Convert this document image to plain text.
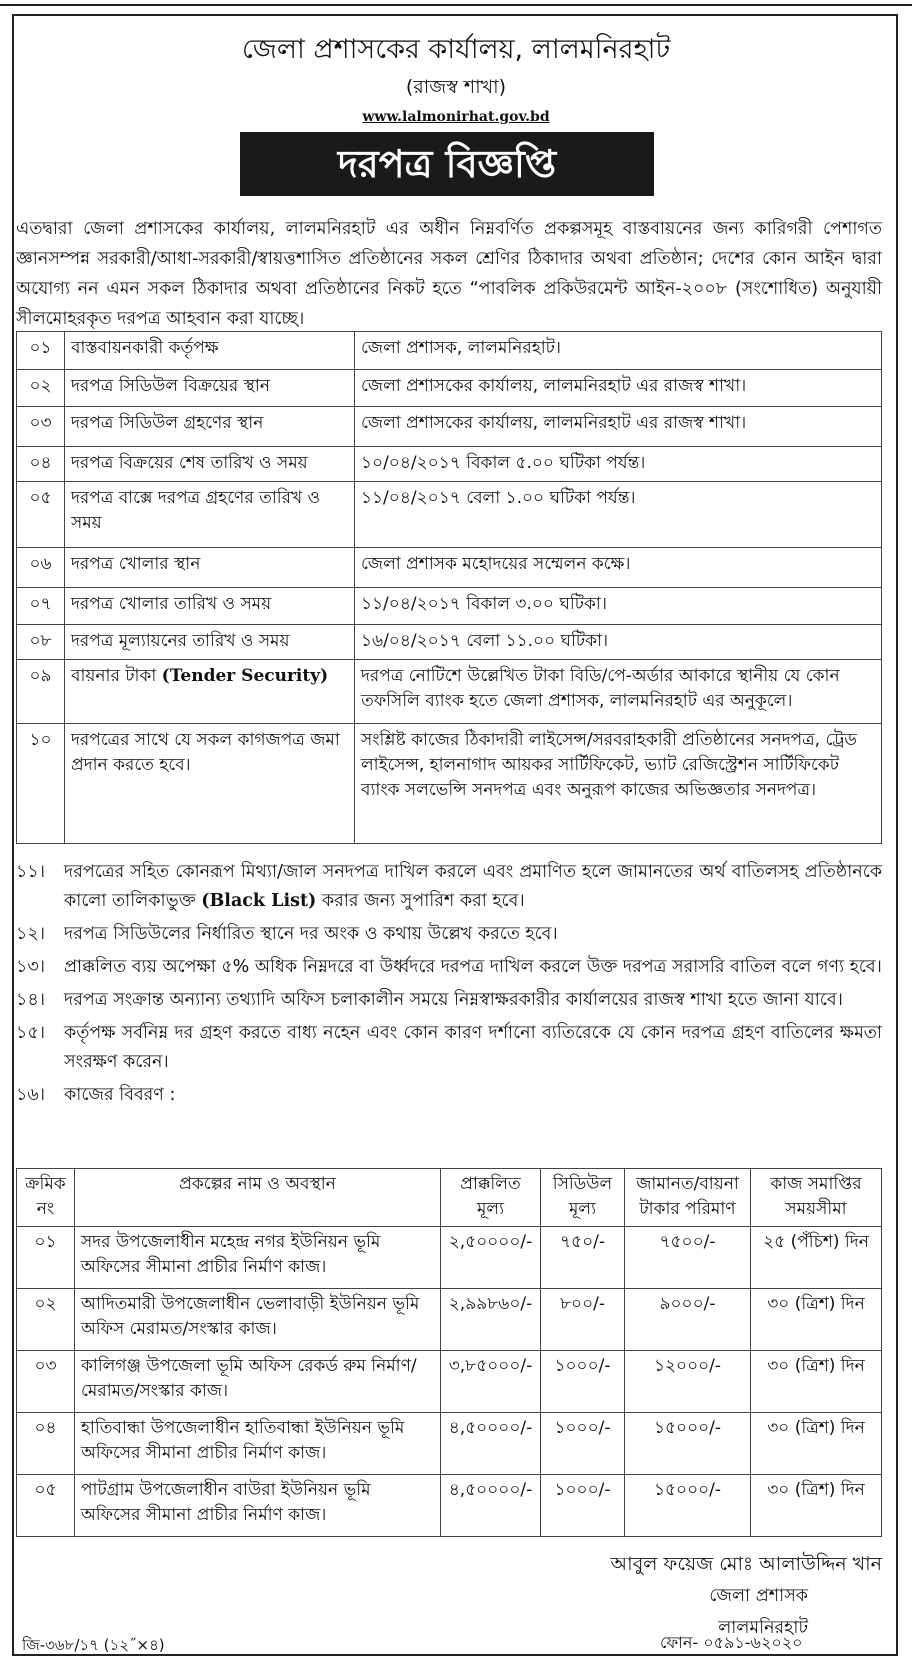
জেলা প্রশাসকের কার্যালয়, লালমনিরহাট
(রাজস্ব শাখা)
www.lalmonirhat.gov.bd
দরপত্র বিজ্ঞপ্তি
এতদ্বারা জেলা প্রশাসকের কার্যালয়, লালমনিরহাট এর অধীন নিম্নবর্ণিত প্রকল্পসমূহ বাস্তবায়নের জন্য কারিগরী পেশাগত জ্ঞানসম্পন্ন সরকারী/আধা-সরকারী/স্বায়ত্তশাসিত প্রতিষ্ঠানের সকল শ্রেণির ঠিকাদার অথবা প্রতিষ্ঠান; দেশের কোন আইন দ্বারা অযোগ্য নন এমন সকল ঠিকাদার অথবা প্রতিষ্ঠানের নিকট হতে “পাবলিক প্রকিউরমেন্ট আইন-২০০৮ (সংশোধিত) অনুযায়ী সীলমোহরকৃত দরপত্র আহবান করা যাচ্ছে।
০১	বাস্তবায়নকারী কর্তৃপক্ষ	জেলা প্রশাসক, লালমনিরহাট।
০২	দরপত্র সিডিউল বিক্রয়ের স্থান	জেলা প্রশাসকের কার্যালয়, লালমনিরহাট এর রাজস্ব শাখা।
০৩	দরপত্র সিডিউল গ্রহণের স্থান	জেলা প্রশাসকের কার্যালয়, লালমনিরহাট এর রাজস্ব শাখা।
০৪	দরপত্র বিক্রয়ের শেষ তারিখ ও সময়	১০/০৪/২০১৭ বিকাল ৫.০০ ঘটিকা পর্যন্ত।
০৫	দরপত্র বাক্সে দরপত্র গ্রহণের তারিখ ও সময়	১১/০৪/২০১৭ বেলা ১.০০ ঘটিকা পর্যন্ত।
০৬	দরপত্র খোলার স্থান	জেলা প্রশাসক মহোদয়ের সম্মেলন কক্ষে।
০৭	দরপত্র খোলার তারিখ ও সময়	১১/০৪/২০১৭ বিকাল ৩.০০ ঘটিকা।
০৮	দরপত্র মূল্যায়নের তারিখ ও সময়	১৬/০৪/২০১৭ বেলা ১১.০০ ঘটিকা।
০৯	বায়নার টাকা (Tender Security)	দরপত্র নোটিশে উল্লেখিত টাকা বিডি/পে-অর্ডার আকারে স্থানীয় যে কোন তফসিলি ব্যাংক হতে জেলা প্রশাসক, লালমনিরহাট এর অনুকূলে।
১০	দরপত্রের সাথে যে সকল কাগজপত্র জমা প্রদান করতে হবে।	সংশ্লিষ্ট কাজের ঠিকাদারী লাইসেন্স/সরবরাহকারী প্রতিষ্ঠানের সনদপত্র, ট্রেড লাইসেন্স, হালনাগাদ আয়কর সার্টিফিকেট, ভ্যাট রেজিস্ট্রেশন সার্টিফিকেট ব্যাংক সলভেন্সি সনদপত্র এবং অনুরূপ কাজের অভিজ্ঞতার সনদপত্র।
১১।	দরপত্রের সহিত কোনরূপ মিথ্যা/জাল সনদপত্র দাখিল করলে এবং প্রমাণিত হলে জামানতের অর্থ বাতিলসহ প্রতিষ্ঠানকে কালো তালিকাভুক্ত (Black List) করার জন্য সুপারিশ করা হবে।
১২।	দরপত্র সিডিউলের নির্ধারিত স্থানে দর অংক ও কথায় উল্লেখ করতে হবে।
১৩।	প্রাক্কলিত ব্যয় অপেক্ষা ৫% অধিক নিম্নদরে বা উর্ধ্বদরে দরপত্র দাখিল করলে উক্ত দরপত্র সরাসরি বাতিল বলে গণ্য হবে।
১৪।	দরপত্র সংক্রান্ত অন্যান্য তথ্যাদি অফিস চলাকালীন সময়ে নিম্নস্বাক্ষরকারীর কার্যালয়ের রাজস্ব শাখা হতে জানা যাবে।
১৫।	কর্তৃপক্ষ সর্বনিম্ন দর গ্রহণ করতে বাধ্য নহেন এবং কোন কারণ দর্শানো ব্যতিরেকে যে কোন দরপত্র গ্রহণ বাতিলের ক্ষমতা সংরক্ষণ করেন।
১৬।	কাজের বিবরণ :
ক্রমিক নং	প্রকল্পের নাম ও অবস্থান	প্রাক্কলিত মূল্য	সিডিউল মূল্য	জামানত/বায়না টাকার পরিমাণ	কাজ সমাপ্তির সময়সীমা
০১	সদর উপজেলাধীন মহেন্দ্র নগর ইউনিয়ন ভূমি অফিসের সীমানা প্রাচীর নির্মাণ কাজ।	২,৫০০০০/-	৭৫০/-	৭৫০০/-	২৫ (পঁচিশ) দিন
০২	আদিতমারী উপজেলাধীন ভেলাবাড়ী ইউনিয়ন ভূমি অফিস মেরামত/সংস্কার কাজ।	২,৯৯৮৬০/-	৮০০/-	৯০০০/-	৩০ (ত্রিশ) দিন
০৩	কালিগঞ্জ উপজেলা ভূমি অফিস রেকর্ড রুম নির্মাণ/মেরামত/সংস্কার কাজ।	৩,৮৫০০০/-	১০০০/-	১২০০০/-	৩০ (ত্রিশ) দিন
০৪	হাতিবান্ধা উপজেলাধীন হাতিবান্ধা ইউনিয়ন ভূমি অফিসের সীমানা প্রাচীর নির্মাণ কাজ।	৪,৫০০০০/-	১০০০/-	১৫০০০/-	৩০ (ত্রিশ) দিন
০৫	পাটগ্রাম উপজেলাধীন বাউরা ইউনিয়ন ভূমি অফিসের সীমানা প্রাচীর নির্মাণ কাজ।	৪,৫০০০০/-	১০০০/-	১৫০০০/-	৩০ (ত্রিশ) দিন
আবুল ফয়েজ মোঃ আলাউদ্দিন খান
জেলা প্রশাসক
লালমনিরহাট
জি-৩৬৮/১৭ (১২˝×৪)	ফোন- ০৫৯১-৬২০২০
